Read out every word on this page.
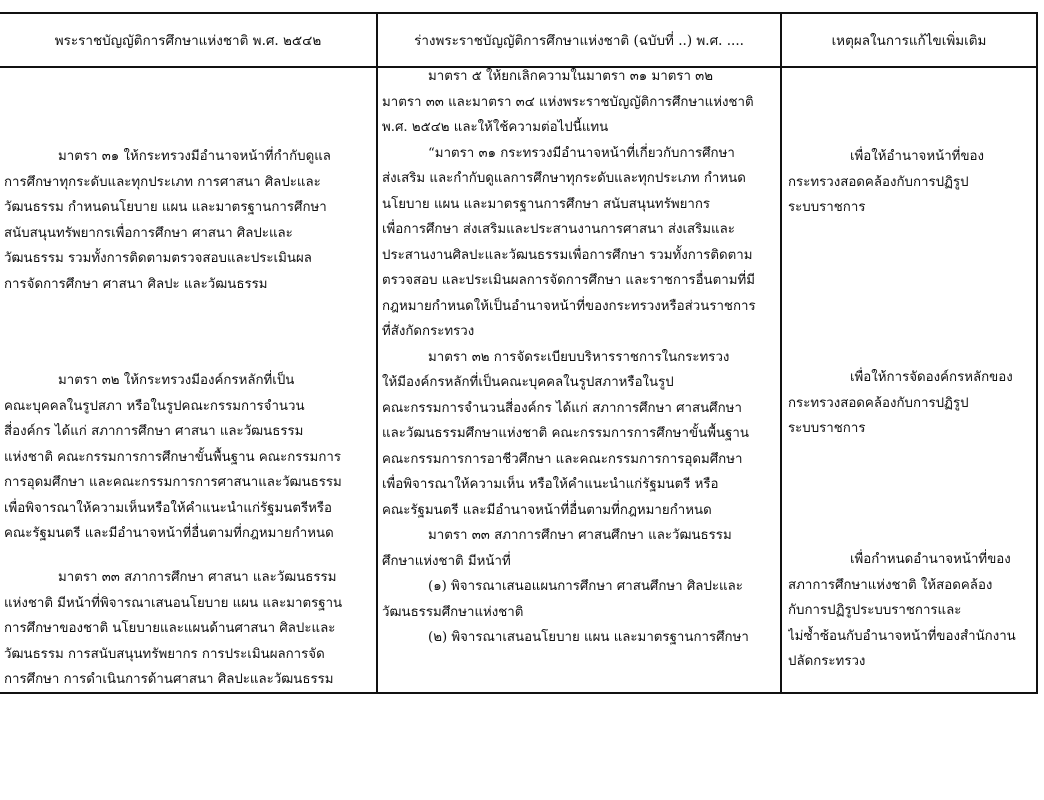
พระราชบัญญัติการศึกษาแห่งชาติ พ.ศ. ๒๕๔๒	ร่างพระราชบัญญัติการศึกษาแห่งชาติ (ฉบับที่ ..) พ.ศ. ....	เหตุผลในการแก้ไขเพิ่มเติม
มาตรา ๓๑ ให้กระทรวงมีอำนาจหน้าที่กำกับดูแล
การศึกษาทุกระดับและทุกประเภท การศาสนา ศิลปะและ
วัฒนธรรม กำหนดนโยบาย แผน และมาตรฐานการศึกษา
สนับสนุนทรัพยากรเพื่อการศึกษา ศาสนา ศิลปะและ
วัฒนธรรม รวมทั้งการติดตามตรวจสอบและประเมินผล
การจัดการศึกษา ศาสนา ศิลปะ และวัฒนธรรม
มาตรา ๓๒ ให้กระทรวงมีองค์กรหลักที่เป็น
คณะบุคคลในรูปสภา หรือในรูปคณะกรรมการจำนวน
สี่องค์กร ได้แก่ สภาการศึกษา ศาสนา และวัฒนธรรม
แห่งชาติ คณะกรรมการการศึกษาขั้นพื้นฐาน คณะกรรมการ
การอุดมศึกษา และคณะกรรมการการศาสนาและวัฒนธรรม
เพื่อพิจารณาให้ความเห็นหรือให้คำแนะนำแก่รัฐมนตรีหรือ
คณะรัฐมนตรี และมีอำนาจหน้าที่อื่นตามที่กฎหมายกำหนด
มาตรา ๓๓ สภาการศึกษา ศาสนา และวัฒนธรรม
แห่งชาติ มีหน้าที่พิจารณาเสนอนโยบาย แผน และมาตรฐาน
การศึกษาของชาติ นโยบายและแผนด้านศาสนา ศิลปะและ
วัฒนธรรม การสนับสนุนทรัพยากร การประเมินผลการจัด
การศึกษา การดำเนินการด้านศาสนา ศิลปะและวัฒนธรรม
มาตรา ๕ ให้ยกเลิกความในมาตรา ๓๑ มาตรา ๓๒
มาตรา ๓๓ และมาตรา ๓๔ แห่งพระราชบัญญัติการศึกษาแห่งชาติ
พ.ศ. ๒๕๔๒ และให้ใช้ความต่อไปนี้แทน
“มาตรา ๓๑ กระทรวงมีอำนาจหน้าที่เกี่ยวกับการศึกษา
ส่งเสริม และกำกับดูแลการศึกษาทุกระดับและทุกประเภท กำหนด
นโยบาย แผน และมาตรฐานการศึกษา สนับสนุนทรัพยากร
เพื่อการศึกษา ส่งเสริมและประสานงานการศาสนา ส่งเสริมและ
ประสานงานศิลปะและวัฒนธรรมเพื่อการศึกษา รวมทั้งการติดตาม
ตรวจสอบ และประเมินผลการจัดการศึกษา และราชการอื่นตามที่มี
กฎหมายกำหนดให้เป็นอำนาจหน้าที่ของกระทรวงหรือส่วนราชการ
ที่สังกัดกระทรวง
มาตรา ๓๒ การจัดระเบียบบริหารราชการในกระทรวง
ให้มีองค์กรหลักที่เป็นคณะบุคคลในรูปสภาหรือในรูป
คณะกรรมการจำนวนสี่องค์กร ได้แก่ สภาการศึกษา ศาสนศึกษา
และวัฒนธรรมศึกษาแห่งชาติ คณะกรรมการการศึกษาขั้นพื้นฐาน
คณะกรรมการการอาชีวศึกษา และคณะกรรมการการอุดมศึกษา
เพื่อพิจารณาให้ความเห็น หรือให้คำแนะนำแก่รัฐมนตรี หรือ
คณะรัฐมนตรี และมีอำนาจหน้าที่อื่นตามที่กฎหมายกำหนด
มาตรา ๓๓ สภาการศึกษา ศาสนศึกษา และวัฒนธรรม
ศึกษาแห่งชาติ มีหน้าที่
(๑) พิจารณาเสนอแผนการศึกษา ศาสนศึกษา ศิลปะและ
วัฒนธรรมศึกษาแห่งชาติ
(๒) พิจารณาเสนอนโยบาย แผน และมาตรฐานการศึกษา
เพื่อให้อำนาจหน้าที่ของ
กระทรวงสอดคล้องกับการปฏิรูป
ระบบราชการ
เพื่อให้การจัดองค์กรหลักของ
กระทรวงสอดคล้องกับการปฏิรูป
ระบบราชการ
เพื่อกำหนดอำนาจหน้าที่ของ
สภาการศึกษาแห่งชาติ ให้สอดคล้อง
กับการปฏิรูประบบราชการและ
ไม่ซ้ำซ้อนกับอำนาจหน้าที่ของสำนักงาน
ปลัดกระทรวง
